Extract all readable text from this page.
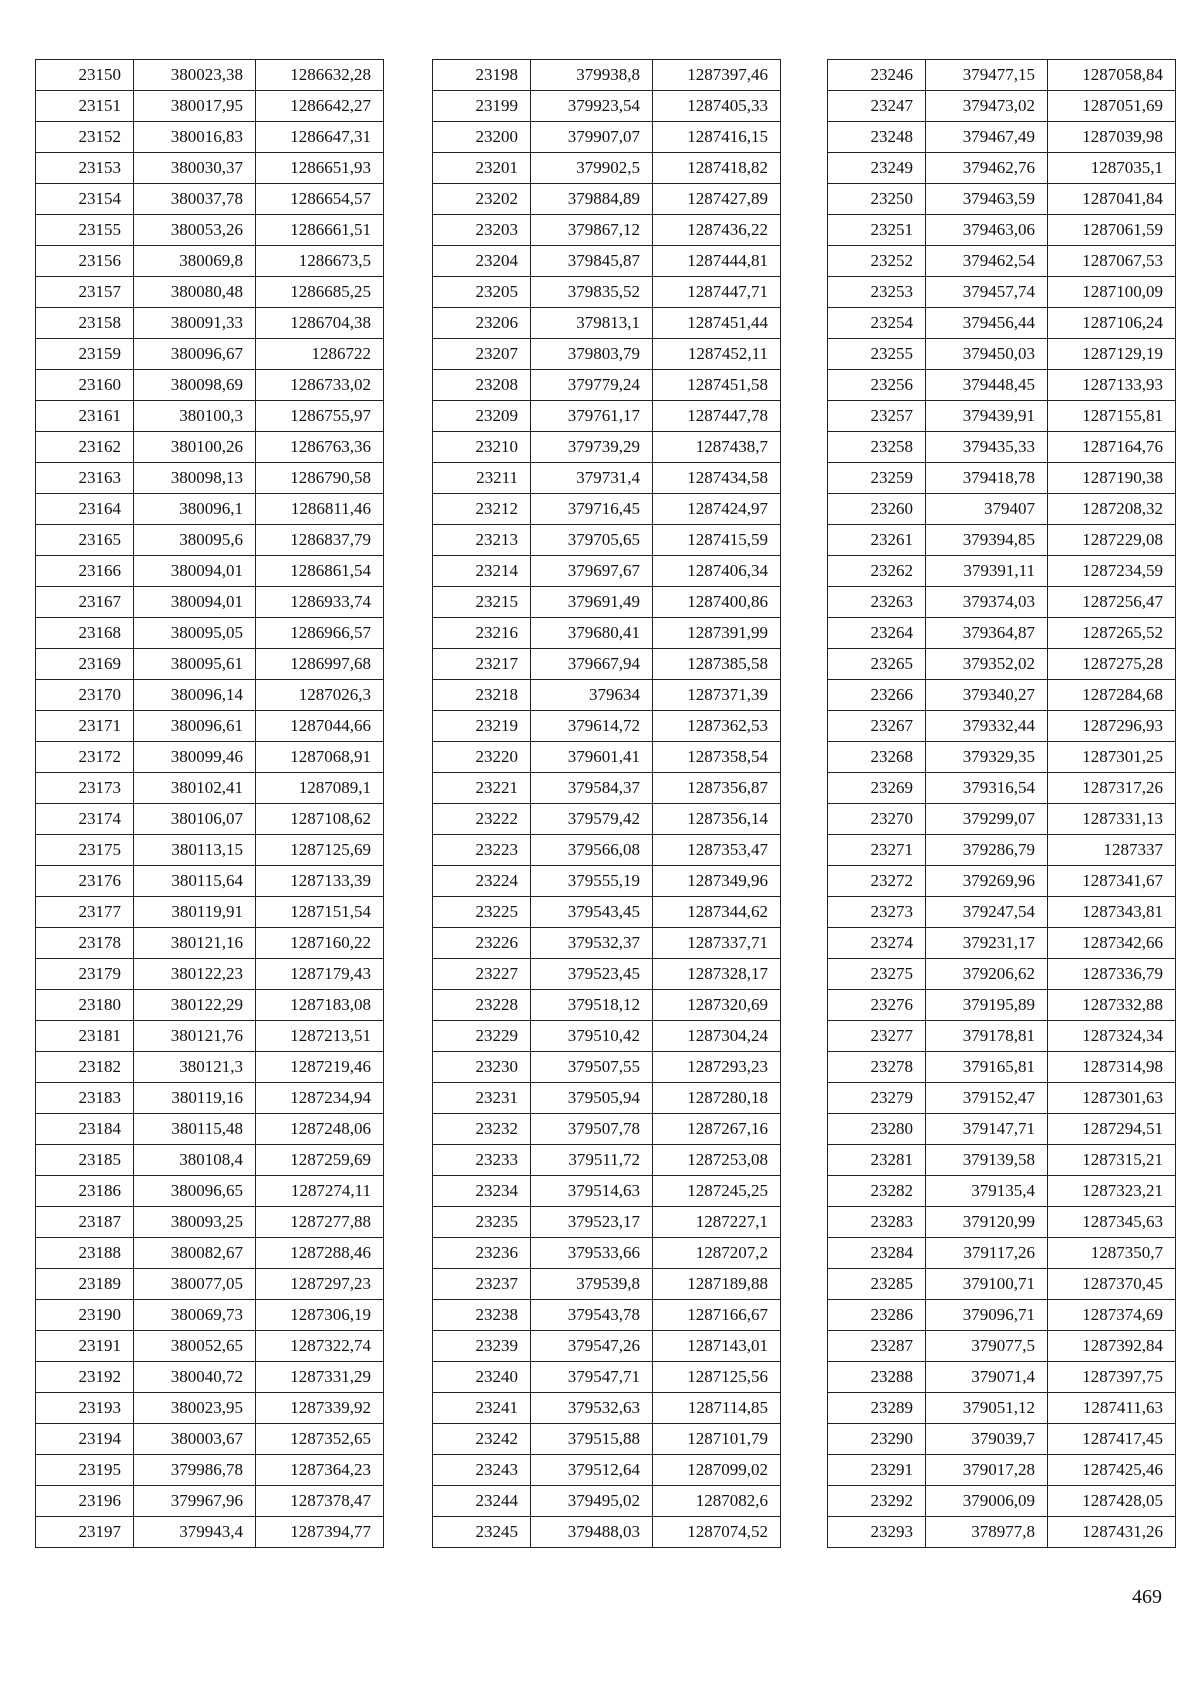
23150	380023,38	1286632,28
23151	380017,95	1286642,27
23152	380016,83	1286647,31
23153	380030,37	1286651,93
23154	380037,78	1286654,57
23155	380053,26	1286661,51
23156	380069,8	1286673,5
23157	380080,48	1286685,25
23158	380091,33	1286704,38
23159	380096,67	1286722
23160	380098,69	1286733,02
23161	380100,3	1286755,97
23162	380100,26	1286763,36
23163	380098,13	1286790,58
23164	380096,1	1286811,46
23165	380095,6	1286837,79
23166	380094,01	1286861,54
23167	380094,01	1286933,74
23168	380095,05	1286966,57
23169	380095,61	1286997,68
23170	380096,14	1287026,3
23171	380096,61	1287044,66
23172	380099,46	1287068,91
23173	380102,41	1287089,1
23174	380106,07	1287108,62
23175	380113,15	1287125,69
23176	380115,64	1287133,39
23177	380119,91	1287151,54
23178	380121,16	1287160,22
23179	380122,23	1287179,43
23180	380122,29	1287183,08
23181	380121,76	1287213,51
23182	380121,3	1287219,46
23183	380119,16	1287234,94
23184	380115,48	1287248,06
23185	380108,4	1287259,69
23186	380096,65	1287274,11
23187	380093,25	1287277,88
23188	380082,67	1287288,46
23189	380077,05	1287297,23
23190	380069,73	1287306,19
23191	380052,65	1287322,74
23192	380040,72	1287331,29
23193	380023,95	1287339,92
23194	380003,67	1287352,65
23195	379986,78	1287364,23
23196	379967,96	1287378,47
23197	379943,4	1287394,77
23198	379938,8	1287397,46
23199	379923,54	1287405,33
23200	379907,07	1287416,15
23201	379902,5	1287418,82
23202	379884,89	1287427,89
23203	379867,12	1287436,22
23204	379845,87	1287444,81
23205	379835,52	1287447,71
23206	379813,1	1287451,44
23207	379803,79	1287452,11
23208	379779,24	1287451,58
23209	379761,17	1287447,78
23210	379739,29	1287438,7
23211	379731,4	1287434,58
23212	379716,45	1287424,97
23213	379705,65	1287415,59
23214	379697,67	1287406,34
23215	379691,49	1287400,86
23216	379680,41	1287391,99
23217	379667,94	1287385,58
23218	379634	1287371,39
23219	379614,72	1287362,53
23220	379601,41	1287358,54
23221	379584,37	1287356,87
23222	379579,42	1287356,14
23223	379566,08	1287353,47
23224	379555,19	1287349,96
23225	379543,45	1287344,62
23226	379532,37	1287337,71
23227	379523,45	1287328,17
23228	379518,12	1287320,69
23229	379510,42	1287304,24
23230	379507,55	1287293,23
23231	379505,94	1287280,18
23232	379507,78	1287267,16
23233	379511,72	1287253,08
23234	379514,63	1287245,25
23235	379523,17	1287227,1
23236	379533,66	1287207,2
23237	379539,8	1287189,88
23238	379543,78	1287166,67
23239	379547,26	1287143,01
23240	379547,71	1287125,56
23241	379532,63	1287114,85
23242	379515,88	1287101,79
23243	379512,64	1287099,02
23244	379495,02	1287082,6
23245	379488,03	1287074,52
23246	379477,15	1287058,84
23247	379473,02	1287051,69
23248	379467,49	1287039,98
23249	379462,76	1287035,1
23250	379463,59	1287041,84
23251	379463,06	1287061,59
23252	379462,54	1287067,53
23253	379457,74	1287100,09
23254	379456,44	1287106,24
23255	379450,03	1287129,19
23256	379448,45	1287133,93
23257	379439,91	1287155,81
23258	379435,33	1287164,76
23259	379418,78	1287190,38
23260	379407	1287208,32
23261	379394,85	1287229,08
23262	379391,11	1287234,59
23263	379374,03	1287256,47
23264	379364,87	1287265,52
23265	379352,02	1287275,28
23266	379340,27	1287284,68
23267	379332,44	1287296,93
23268	379329,35	1287301,25
23269	379316,54	1287317,26
23270	379299,07	1287331,13
23271	379286,79	1287337
23272	379269,96	1287341,67
23273	379247,54	1287343,81
23274	379231,17	1287342,66
23275	379206,62	1287336,79
23276	379195,89	1287332,88
23277	379178,81	1287324,34
23278	379165,81	1287314,98
23279	379152,47	1287301,63
23280	379147,71	1287294,51
23281	379139,58	1287315,21
23282	379135,4	1287323,21
23283	379120,99	1287345,63
23284	379117,26	1287350,7
23285	379100,71	1287370,45
23286	379096,71	1287374,69
23287	379077,5	1287392,84
23288	379071,4	1287397,75
23289	379051,12	1287411,63
23290	379039,7	1287417,45
23291	379017,28	1287425,46
23292	379006,09	1287428,05
23293	378977,8	1287431,26
469
